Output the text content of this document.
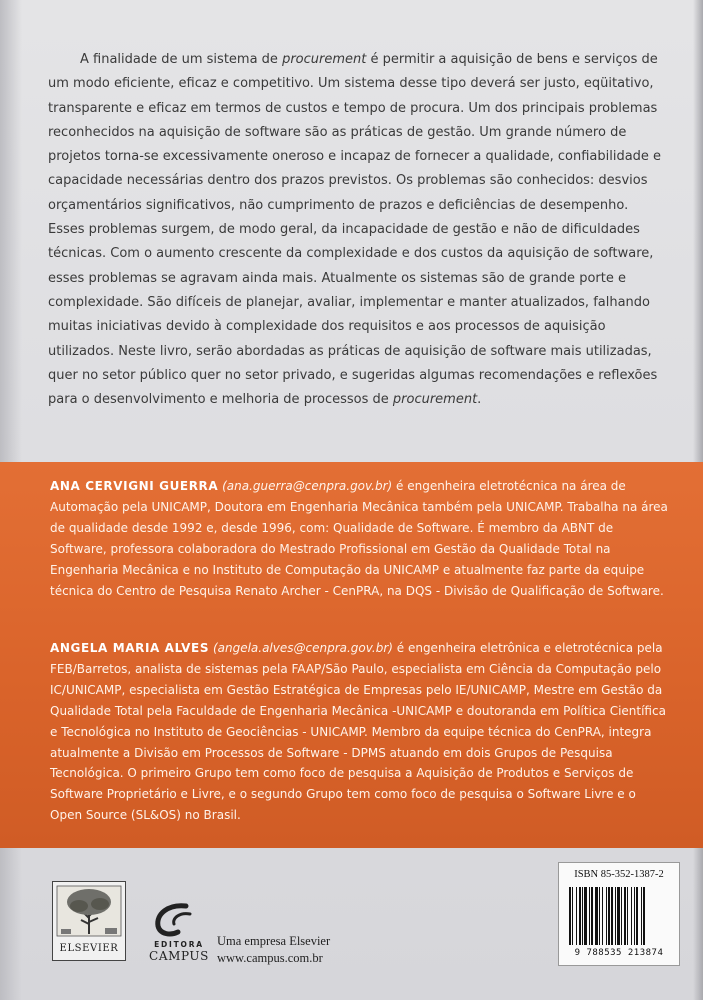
A finalidade de um sistema de procurement é permitir a aquisição de bens e serviços de um modo eficiente, eficaz e competitivo. Um sistema desse tipo deverá ser justo, eqüitativo, transparente e eficaz em termos de custos e tempo de procura. Um dos principais problemas reconhecidos na aquisição de software são as práticas de gestão. Um grande número de projetos torna-se excessivamente oneroso e incapaz de fornecer a qualidade, confiabilidade e capacidade necessárias dentro dos prazos previstos. Os problemas são conhecidos: desvios orçamentários significativos, não cumprimento de prazos e deficiências de desempenho. Esses problemas surgem, de modo geral, da incapacidade de gestão e não de dificuldades técnicas. Com o aumento crescente da complexidade e dos custos da aquisição de software, esses problemas se agravam ainda mais. Atualmente os sistemas são de grande porte e complexidade. São difíceis de planejar, avaliar, implementar e manter atualizados, falhando muitas iniciativas devido à complexidade dos requisitos e aos processos de aquisição utilizados. Neste livro, serão abordadas as práticas de aquisição de software mais utilizadas, quer no setor público quer no setor privado, e sugeridas algumas recomendações e reflexões para o desenvolvimento e melhoria de processos de procurement.

ANA CERVIGNI GUERRA (ana.guerra@cenpra.gov.br) é engenheira eletrotécnica na área de Automação pela UNICAMP, Doutora em Engenharia Mecânica também pela UNICAMP. Trabalha na área de qualidade desde 1992 e, desde 1996, com: Qualidade de Software. É membro da ABNT de Software, professora colaboradora do Mestrado Profissional em Gestão da Qualidade Total na Engenharia Mecânica e no Instituto de Computação da UNICAMP e atualmente faz parte da equipe técnica do Centro de Pesquisa Renato Archer - CenPRA, na DQS - Divisão de Qualificação de Software.

ANGELA MARIA ALVES (angela.alves@cenpra.gov.br) é engenheira eletrônica e eletrotécnica pela FEB/Barretos, analista de sistemas pela FAAP/São Paulo, especialista em Ciência da Computação pelo IC/UNICAMP, especialista em Gestão Estratégica de Empresas pelo IE/UNICAMP, Mestre em Gestão da Qualidade Total pela Faculdade de Engenharia Mecânica -UNICAMP e doutoranda em Política Científica e Tecnológica no Instituto de Geociências - UNICAMP. Membro da equipe técnica do CenPRA, integra atualmente a Divisão em Processos de Software - DPMS atuando em dois Grupos de Pesquisa Tecnológica. O primeiro Grupo tem como foco de pesquisa a Aquisição de Produtos e Serviços de Software Proprietário e Livre, e o segundo Grupo tem como foco de pesquisa o Software Livre e o Open Source (SL&OS) no Brasil.

ELSEVIER	EDITORA
CAMPUS
Uma empresa Elsevier
www.campus.com.br
ISBN 85-352-1387-2
9 788535 213874
